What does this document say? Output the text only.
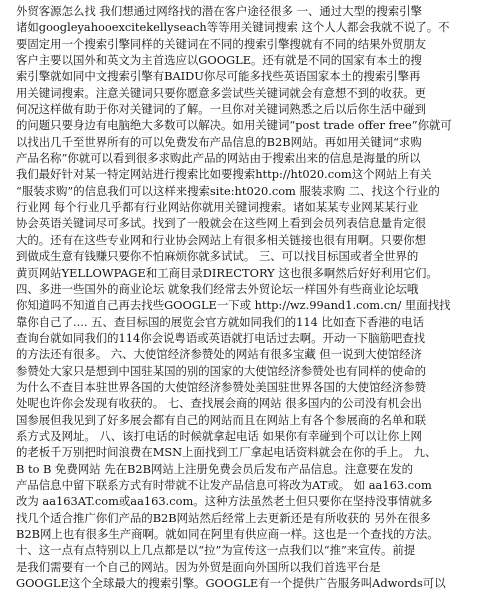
外贸客源怎么找 我们想通过网络找的潜在客户途径很多 一、通过大型的搜索引擎
诸如googleyahooexcitekellyseach等等用关键词搜索 这个人人都会我就不说了。不
要固定用一个搜索引擎同样的关键词在不同的搜索引擎搜就有不同的结果外贸朋友
客户主要以国外和英文为主首选应以GOOGLE。还有就是不同的国家有本土的搜
索引擎就如同中文搜索引擎有BAIDU你尽可能多找些英语国家本土的搜索引擎再
用关键词搜索。注意关键词只要你愿意多尝试些关键词就会有意想不到的收获。更
何况这样做有助于你对关键词的了解。一旦你对关键词熟悉之后以后你生活中碰到
的问题只要身边有电脑绝大多数可以解决。如用关键词“post trade offer free”你就可
以找出几千至世界所有的可以免费发布产品信息的B2B网站。再如用关键词“求购
产品名称”你就可以看到很多求购此产品的网站由于搜索出来的信息是海量的所以
我们最好针对某一特定网站进行搜索比如要搜索http://ht020.com这个网站上有关
“服装求购”的信息我们可以这样来搜索site:ht020.com 服装求购 二、找这个行业的
行业网 每个行业几乎都有行业网站你就用关键词搜索。诸如某某专业网某某行业
协会英语关键词尽可多试。找到了一般就会在这些网上看到会员列表信息量肯定很
大的。还有在这些专业网和行业协会网站上有很多相关链接也很有用啊。只要你想
到做成生意有钱赚只要你不怕麻烦你就多试试。 三、可以找目标国或者全世界的
黄页网站YELLOWPAGE和工商目录DIRECTORY 这也很多啊然后好好利用它们。
四、多进一些国外的商业论坛 就象我们经常去外贸论坛一样国外有些商业论坛哦
你知道吗不知道自己再去找些GOOGLE一下或 http://wz.99and1.com.cn/ 里面找找
靠你自己了.... 五、查目标国的展览会官方就如同我们的114 比如查下香港的电话
查询台就如同我们的114你会说粤语或英语就打电话过去啊。开动一下脑筋吧查找
的方法还有很多。 六、大使馆经济参赞处的网站有很多宝藏 但一说到大使馆经济
参赞处大家只是想到中国驻某国的别的国家的大使馆经济参赞处也有同样的使命的
为什么不查目本驻世界各国的大使馆经济参赞处美国驻世界各国的大使馆经济参赞
处呢也许你会发现有收获的。 七、查找展会商的网站 很多国内的公司没有机会出
国参展但我见到了好多展会都有自己的网站而且在网站上有各个参展商的名单和联
系方式及网址。 八、该打电话的时候就拿起电话 如果你有幸碰到个可以让你上网
的老板千万别把时间浪费在MSN上面找到工厂拿起电话资料就会在你的手上。 九、
B to B 免费网站 先在B2B网站上注册免费会员后发布产品信息。注意要在发的
产品信息中留下联系方式有时带就不让发产品信息可将改为AT或。 如 aa163.com
改为 aa163AT.com或aa163.com。这种方法虽然老土但只要你在坚持没事情就多
找几个适合推广你们产品的B2B网站然后经常上去更新还是有所收获的 另外在很多
B2B网上也有很多生产商啊。就如同在阿里有供应商一样。这也是一个查找的方法。
十、这一点有点特别以上几点都是以“拉”为宣传这一点我们以“推”来宣传。前提
是我们需要有一个自己的网站。因为外贸是面向外国所以我们首选平台是
GOOGLE这个全球最大的搜索引擎。GOOGLE有一个提供广告服务叫Adwords可以
